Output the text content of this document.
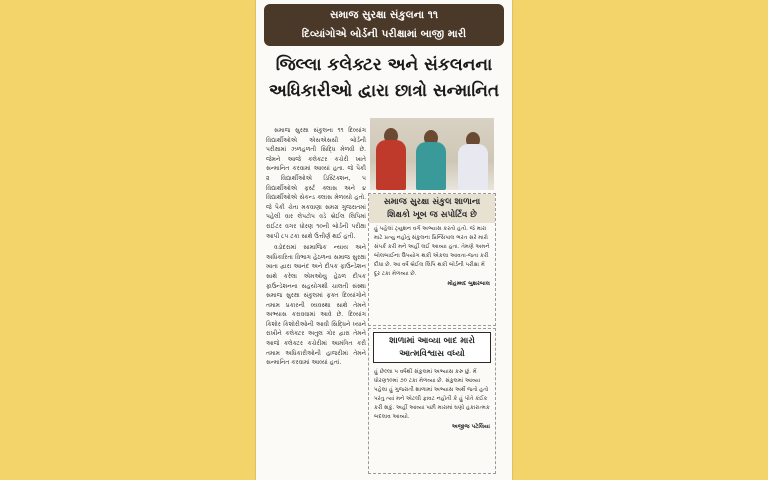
સમાજ સુરક્ષા સંકુલના ૧૧
દિવ્યાંગોએ બોર્ડની પરીક્ષામાં બાજી મારી
જિલ્લા કલેક્ટર અને સંકલનના
અધિકારીઓ દ્વારા છાત્રો સન્માનિત

સમાજ સુરક્ષા સંકુલના ૧૧ દિવ્યાંગ વિદ્યાર્થીઓએ એસએસસી બોર્ડની પરીક્ષામાં ઝળહળતી સિદ્ધિ મેળવી છે. જેમને આજે કલેક્ટર કચેરી ખાતે સન્માનિત કરવામાં આવ્યાં હતા. જે પૈકી ૨ વિદ્યાર્થીઓએ ડિસ્ટિંક્શન, ૫ વિદ્યાર્થીઓએ ફર્સ્ટ ક્લાસ અને ૪ વિદ્યાર્થીઓએ સેકન્ડ ક્લાસ મેળવ્યો હતો. જે પૈકી ચેતા મકવાણા સમગ્ર ગુજરાતમાં પહેલી વાર લેપટોપ વડે બ્રેઈલ લિપિમાં રાઈટર વગર ધોરણ ૧૦ની બોર્ડની પરીક્ષા આપી ૮૫ ટકા સાથે ઉત્તીર્ણ થઈ હતી.

વડોદરામાં સામાજિક ન્યાય અને અધિકારિતા વિભાગ હેઠળના સમાજ સુરક્ષા ખાતા દ્વારા આનંદ અને દીપક ફાઉન્ડેશન સાથે કરેલા એમઓયુ હેઠળ દીપક ફાઉન્ડેશનના સહયોગથી ચાલતી સંસ્થા સમાજ સુરક્ષા સંકુલમાં ફક્ત દિવ્યાંગોને તમામ પ્રકારની વ્યવસ્થા સાથે તેમને અભ્યાસ કરાવવામાં આવે છે. દિવ્યાંગ કિશોર કિશોરીઓની આવી સિદ્ધિને ધ્યાને રાખીને કલેક્ટર અતુલ ગોર દ્વારા તેમને આજે કલેક્ટર કચેરીમાં આમંત્રિત કરી તમામ અધિકારીઓની હાજરીમાં તેમને સન્માનિત કરવામાં આવ્યાં હતાં.

સમાજ સુરક્ષા સંકુલ શાળાના
શિક્ષકો ખૂબ જ સપોર્ટિવ છે
હું પહેલાં ટ્યુશન વર્ગ અભ્યાસ કરતો હતો. જે મારા માટે પ્રત્યુ નહોતું સંકુલના પ્રિન્સિપાલ ભરત સરે મારો સંપર્ક કરી મને અહીં લઈ આવ્યા હતા. તેમણે અમને બોલબાઈના ઉપયોગ થકી એકલા આવતા-જતા કરી દીધા છે. આ વર્ષે બ્રેઈલ લિપિ થકી બોર્ડની પરીક્ષા મેં દૂર ટકા મેળવ્યા છે.
મોહમ્મદ બુશરબાલ
શાળામાં આવ્યા બાદ મારો
આત્મવિશ્વાસ વધ્યો
હું છેલ્લા ૫ વર્ષથી સંકુલમાં અભ્યાસ કરુ છું. મેં ધોરણ૧૦માં ૭૦ ટકા મેળવ્યા છે. સંકુલમાં આવ્યા પહેલા હું ગુજરાતી શાળામાં અભ્યાસ અર્થે જતો હતો પરંતુ ત્યાં મને એટલી ફાવટ નહોતી કે હું પોતે કંઈક કરી શકું. અહીં આવ્યા પછી મારામાં ઘણો હકારાત્મક બદલાવ આવ્યો.
અજીજ પટેલિયા
